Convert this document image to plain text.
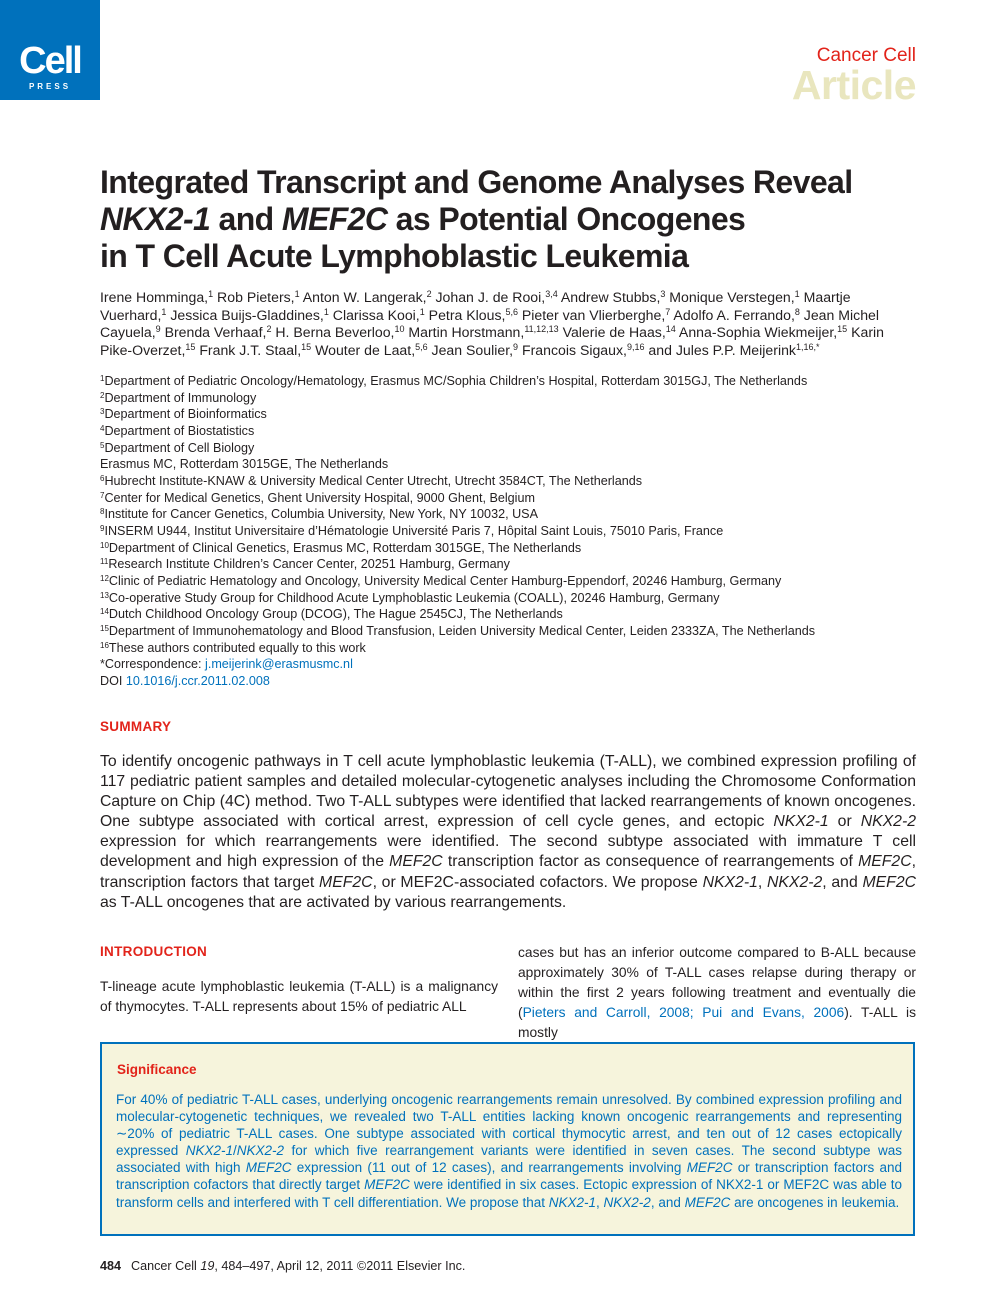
Cell
PRESS
Cancer Cell
Article
Integrated Transcript and Genome Analyses Reveal
NKX2-1 and MEF2C as Potential Oncogenes
in T Cell Acute Lymphoblastic Leukemia

Irene Homminga,$^1$ Rob Pieters,$^1$ Anton W. Langerak,$^2$ Johan J. de Rooi,$^{3,4}$ Andrew Stubbs,$^3$ Monique Verstegen,$^1$ Maartje Vuerhard,$^1$ Jessica Buijs-Gladdines,$^1$ Clarissa Kooi,$^1$ Petra Klous,$^{5,6}$ Pieter van Vlierberghe,$^7$ Adolfo A. Ferrando,$^8$ Jean Michel Cayuela,$^9$ Brenda Verhaaf,$^2$ H. Berna Beverloo,$^{10}$ Martin Horstmann,$^{11,12,13}$ Valerie de Haas,$^{14}$ Anna-Sophia Wiekmeijer,$^{15}$ Karin Pike-Overzet,$^{15}$ Frank J.T. Staal,$^{15}$ Wouter de Laat,$^{5,6}$ Jean Soulier,$^9$ Francois Sigaux,$^{9,16}$ and Jules P.P. Meijerink$^{1,16,*}$

$^1$Department of Pediatric Oncology/Hematology, Erasmus MC/Sophia Children’s Hospital, Rotterdam 3015GJ, The Netherlands
$^2$Department of Immunology
$^3$Department of Bioinformatics
$^4$Department of Biostatistics
$^5$Department of Cell Biology
Erasmus MC, Rotterdam 3015GE, The Netherlands
$^6$Hubrecht Institute-KNAW & University Medical Center Utrecht, Utrecht 3584CT, The Netherlands
$^7$Center for Medical Genetics, Ghent University Hospital, 9000 Ghent, Belgium
$^8$Institute for Cancer Genetics, Columbia University, New York, NY 10032, USA
$^9$INSERM U944, Institut Universitaire d’Hématologie Université Paris 7, Hôpital Saint Louis, 75010 Paris, France
$^{10}$Department of Clinical Genetics, Erasmus MC, Rotterdam 3015GE, The Netherlands
$^{11}$Research Institute Children’s Cancer Center, 20251 Hamburg, Germany
$^{12}$Clinic of Pediatric Hematology and Oncology, University Medical Center Hamburg-Eppendorf, 20246 Hamburg, Germany
$^{13}$Co-operative Study Group for Childhood Acute Lymphoblastic Leukemia (COALL), 20246 Hamburg, Germany
$^{14}$Dutch Childhood Oncology Group (DCOG), The Hague 2545CJ, The Netherlands
$^{15}$Department of Immunohematology and Blood Transfusion, Leiden University Medical Center, Leiden 2333ZA, The Netherlands
$^{16}$These authors contributed equally to this work
*Correspondence: j.meijerink@erasmusmc.nl
DOI 10.1016/j.ccr.2011.02.008
SUMMARY

To identify oncogenic pathways in T cell acute lymphoblastic leukemia (T-ALL), we combined expression profiling of 117 pediatric patient samples and detailed molecular-cytogenetic analyses including the Chromosome Conformation Capture on Chip (4C) method. Two T-ALL subtypes were identified that lacked rearrangements of known oncogenes. One subtype associated with cortical arrest, expression of cell cycle genes, and ectopic NKX2-1 or NKX2-2 expression for which rearrangements were identified. The second subtype associated with immature T cell development and high expression of the MEF2C transcription factor as consequence of rearrangements of MEF2C, transcription factors that target MEF2C, or MEF2C-associated cofactors. We propose NKX2-1, NKX2-2, and MEF2C as T-ALL oncogenes that are activated by various rearrangements.

INTRODUCTION

T-lineage acute lymphoblastic leukemia (T-ALL) is a malignancy of thymocytes. T-ALL represents about 15% of pediatric ALL

cases but has an inferior outcome compared to B-ALL because approximately 30% of T-ALL cases relapse during therapy or within the first 2 years following treatment and eventually die (Pieters and Carroll, 2008; Pui and Evans, 2006). T-ALL is mostly

Significance

For 40% of pediatric T-ALL cases, underlying oncogenic rearrangements remain unresolved. By combined expression profiling and molecular-cytogenetic techniques, we revealed two T-ALL entities lacking known oncogenic rearrangements and representing ∼20% of pediatric T-ALL cases. One subtype associated with cortical thymocytic arrest, and ten out of 12 cases ectopically expressed NKX2-1/NKX2-2 for which five rearrangement variants were identified in seven cases. The second subtype was associated with high MEF2C expression (11 out of 12 cases), and rearrangements involving MEF2C or transcription factors and transcription cofactors that directly target MEF2C were identified in six cases. Ectopic expression of NKX2-1 or MEF2C was able to transform cells and interfered with T cell differentiation. We propose that NKX2-1, NKX2-2, and MEF2C are oncogenes in leukemia.

484 Cancer Cell 19, 484–497, April 12, 2011 ©2011 Elsevier Inc.
